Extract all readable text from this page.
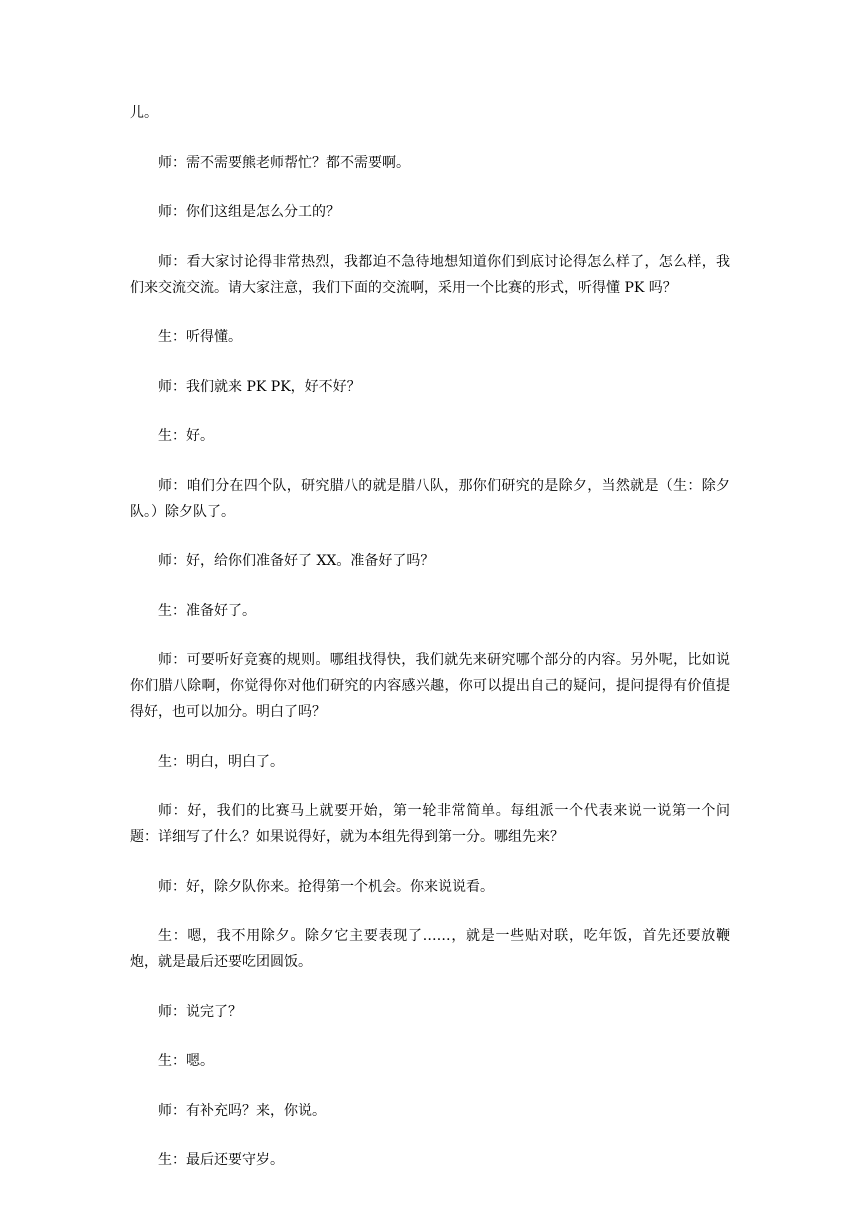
儿。

师：需不需要熊老师帮忙？都不需要啊。

师：你们这组是怎么分工的？

师：看大家讨论得非常热烈，我都迫不急待地想知道你们到底讨论得怎么样了，怎么样，我们来交流交流。请大家注意，我们下面的交流啊，采用一个比赛的形式，听得懂 PK 吗？

生：听得懂。

师：我们就来 PK PK，好不好？

生：好。

师：咱们分在四个队，研究腊八的就是腊八队，那你们研究的是除夕，当然就是（生：除夕队。）除夕队了。

师：好，给你们准备好了 XX。准备好了吗？

生：准备好了。

师：可要听好竞赛的规则。哪组找得快，我们就先来研究哪个部分的内容。另外呢，比如说你们腊八除啊，你觉得你对他们研究的内容感兴趣，你可以提出自己的疑问，提问提得有价值提得好，也可以加分。明白了吗？

生：明白，明白了。

师：好，我们的比赛马上就要开始，第一轮非常简单。每组派一个代表来说一说第一个问题：详细写了什么？如果说得好，就为本组先得到第一分。哪组先来？

师：好，除夕队你来。抢得第一个机会。你来说说看。

生：嗯，我不用除夕。除夕它主要表现了……，就是一些贴对联，吃年饭，首先还要放鞭炮，就是最后还要吃团圆饭。

师：说完了？

生：嗯。

师：有补充吗？来，你说。

生：最后还要守岁。
